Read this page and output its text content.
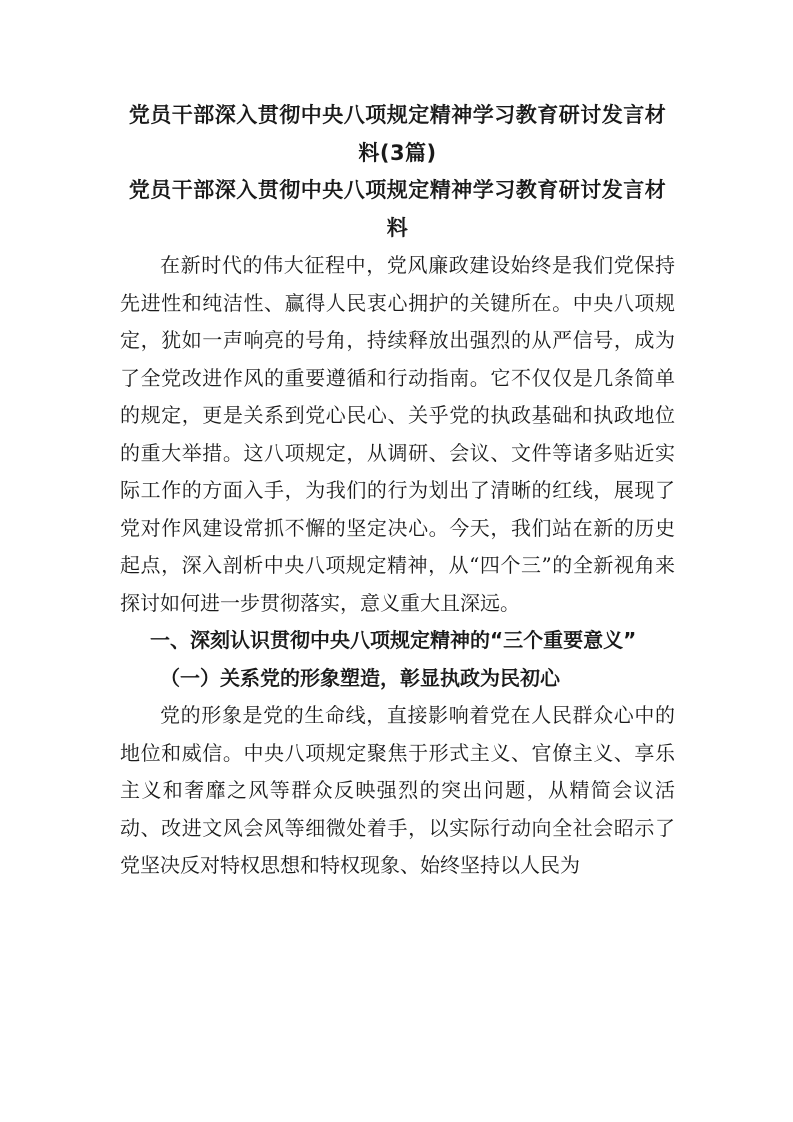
党员干部深入贯彻中央八项规定精神学习教育研讨发言材料(3篇)
党员干部深入贯彻中央八项规定精神学习教育研讨发言材料

在新时代的伟大征程中，党风廉政建设始终是我们党保持先进性和纯洁性、赢得人民衷心拥护的关键所在。中央八项规定，犹如一声响亮的号角，持续释放出强烈的从严信号，成为了全党改进作风的重要遵循和行动指南。它不仅仅是几条简单的规定，更是关系到党心民心、关乎党的执政基础和执政地位的重大举措。这八项规定，从调研、会议、文件等诸多贴近实际工作的方面入手，为我们的行为划出了清晰的红线，展现了党对作风建设常抓不懈的坚定决心。今天，我们站在新的历史起点，深入剖析中央八项规定精神，从“四个三”的全新视角来探讨如何进一步贯彻落实，意义重大且深远。

一、深刻认识贯彻中央八项规定精神的“三个重要意义”
（一）关系党的形象塑造，彰显执政为民初心

党的形象是党的生命线，直接影响着党在人民群众心中的地位和威信。中央八项规定聚焦于形式主义、官僚主义、享乐主义和奢靡之风等群众反映强烈的突出问题，从精简会议活动、改进文风会风等细微处着手，以实际行动向全社会昭示了党坚决反对特权思想和特权现象、始终坚持以人民为
